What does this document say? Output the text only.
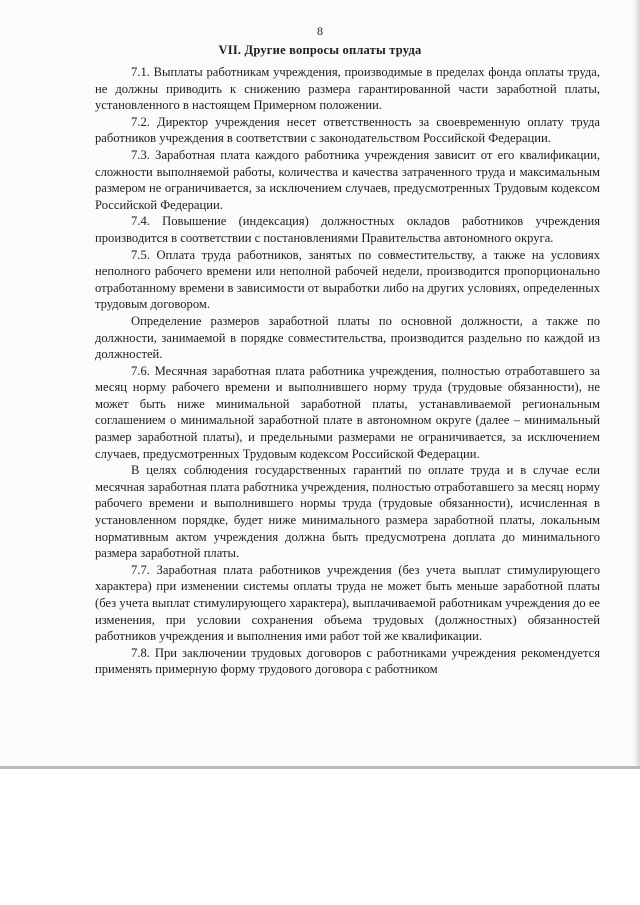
8
VII. Другие вопросы оплаты труда

7.1. Выплаты работникам учреждения, производимые в пределах фонда оплаты труда, не должны приводить к снижению размера гарантированной части заработной платы, установленного в настоящем Примерном положении.

7.2. Директор учреждения несет ответственность за своевременную оплату труда работников учреждения в соответствии с законодательством Российской Федерации.

7.3. Заработная плата каждого работника учреждения зависит от его квалификации, сложности выполняемой работы, количества и качества затраченного труда и максимальным размером не ограничивается, за исключением случаев, предусмотренных Трудовым кодексом Российской Федерации.

7.4. Повышение (индексация) должностных окладов работников учреждения производится в соответствии с постановлениями Правительства автономного округа.

7.5. Оплата труда работников, занятых по совместительству, а также на условиях неполного рабочего времени или неполной рабочей недели, производится пропорционально отработанному времени в зависимости от выработки либо на других условиях, определенных трудовым договором.

Определение размеров заработной платы по основной должности, а также по должности, занимаемой в порядке совместительства, производится раздельно по каждой из должностей.

7.6. Месячная заработная плата работника учреждения, полностью отработавшего за месяц норму рабочего времени и выполнившего норму труда (трудовые обязанности), не может быть ниже минимальной заработной платы, устанавливаемой региональным соглашением о минимальной заработной плате в автономном округе (далее – минимальный размер заработной платы), и предельными размерами не ограничивается, за исключением случаев, предусмотренных Трудовым кодексом Российской Федерации.

В целях соблюдения государственных гарантий по оплате труда и в случае если месячная заработная плата работника учреждения, полностью отработавшего за месяц норму рабочего времени и выполнившего нормы труда (трудовые обязанности), исчисленная в установленном порядке, будет ниже минимального размера заработной платы, локальным нормативным актом учреждения должна быть предусмотрена доплата до минимального размера заработной платы.

7.7. Заработная плата работников учреждения (без учета выплат стимулирующего характера) при изменении системы оплаты труда не может быть меньше заработной платы (без учета выплат стимулирующего характера), выплачиваемой работникам учреждения до ее изменения, при условии сохранения объема трудовых (должностных) обязанностей работников учреждения и выполнения ими работ той же квалификации.

7.8. При заключении трудовых договоров с работниками учреждения рекомендуется применять примерную форму трудового договора с работником
